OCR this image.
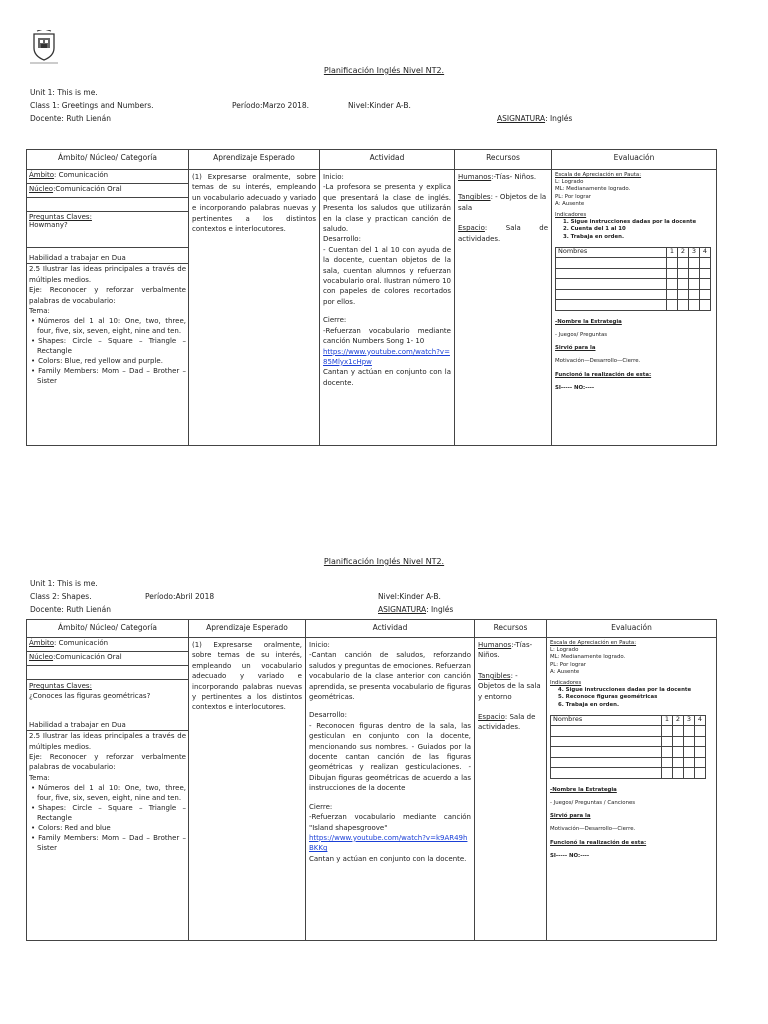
Planificación Inglés Nivel NT2.
Unit 1: This is me.
Class 1: Greetings and Numbers.	Período:Marzo 2018.	Nivel:Kinder A-B.
Docente: Ruth Lienán	ASIGNATURA: Inglés
Ámbito/ Núcleo/ Categoría	Aprendizaje Esperado	Actividad	Recursos	Evaluación

Ámbito: Comunicación
Núcleo:Comunicación Oral
Preguntas Claves:
Howmany?
Habilidad a trabajar en Dua
2.5 Ilustrar las ideas principales a través de múltiples medios.
Eje: Reconocer y reforzar verbalmente palabras de vocabulario:
Tema:
• Números del 1 al 10: One, two, three, four, five, six, seven, eight, nine and ten.
• Shapes: Circle – Square – Triangle – Rectangle
• Colors: Blue, red yellow and purple.
• Family Members: Mom – Dad – Brother – Sister

(1) Expresarse oralmente, sobre temas de su interés, empleando un vocabulario adecuado y variado e incorporando palabras nuevas y pertinentes a los distintos contextos e interlocutores.

Inicio:
-La profesora se presenta y explica que presentará la clase de inglés. Presenta los saludos que utilizarán en la clase y practican canción de saludo.
Desarrollo:
- Cuentan del 1 al 10 con ayuda de la docente, cuentan objetos de la sala, cuentan alumnos y refuerzan vocabulario oral. Ilustran número 10 con papeles de colores recortados por ellos.
Cierre:
-Refuerzan vocabulario mediante canción Numbers Song 1- 10
https://www.youtube.com/watch?v=85Mlyx1cHpw
Cantan y actúan en conjunto con la docente.

Humanos:-Tías- Niños.
Tangibles: - Objetos de la sala
Espacio: Sala de actividades.

Escala de Apreciación en Pauta:
L: Logrado
ML: Medianamente logrado.
PL: Por lograr
A: Ausente
Indicadores
1. Sigue instrucciones dadas por la docente
2. Cuenta del 1 al 10
3. Trabaja en orden.
Nombres	1	2	3	4

-Nombre la Estrategia
- Juegos/ Preguntas
Sirvió para la
Motivación—Desarrollo—Cierre.
Funcionó la realización de esta:
SI----- NO:----
Planificación Inglés Nivel NT2.
Unit 1: This is me.
Class 2: Shapes.	Período:Abril 2018	Nivel:Kinder A-B.
Docente: Ruth Lienán	ASIGNATURA: Inglés
Ámbito/ Núcleo/ Categoría	Aprendizaje Esperado	Actividad	Recursos	Evaluación

Ámbito: Comunicación
Núcleo:Comunicación Oral
Preguntas Claves:
¿Conoces las figuras geométricas?
Habilidad a trabajar en Dua
2.5 Ilustrar las ideas principales a través de múltiples medios.
Eje: Reconocer y reforzar verbalmente palabras de vocabulario:
Tema:
• Números del 1 al 10: One, two, three, four, five, six, seven, eight, nine and ten.
• Shapes: Circle – Square – Triangle – Rectangle
• Colors: Red and blue
• Family Members: Mom – Dad – Brother – Sister

(1) Expresarse oralmente, sobre temas de su interés, empleando un vocabulario adecuado y variado e incorporando palabras nuevas y pertinentes a los distintos contextos e interlocutores.

Inicio:
-Cantan canción de saludos, reforzando saludos y preguntas de emociones. Refuerzan vocabulario de la clase anterior con canción aprendida, se presenta vocabulario de figuras geométricas.
Desarrollo:
- Reconocen figuras dentro de la sala, las gesticulan en conjunto con la docente, mencionando sus nombres. - Guiados por la docente cantan canción de las figuras geométricas y realizan gesticulaciones. - Dibujan figuras geométricas de acuerdo a las instrucciones de la docente
Cierre:
-Refuerzan vocabulario mediante canción "Island shapesgroove"
https://www.youtube.com/watch?v=k9AR49hBKKg
Cantan y actúan en conjunto con la docente.

Humanos:-Tías- Niños.
Tangibles: - Objetos de la sala y entorno
Espacio: Sala de actividades.

Escala de Apreciación en Pauta:
L: Logrado
ML: Medianamente logrado.
PL: Por lograr
A: Ausente
Indicadores
4. Sigue instrucciones dadas por la docente
5. Reconoce figuras geométricas
6. Trabaja en orden.
Nombres	1	2	3	4

-Nombre la Estrategia
- Juegos/ Preguntas / Canciones
Sirvió para la
Motivación—Desarrollo—Cierre.
Funcionó la realización de esta:
SI----- NO:----
